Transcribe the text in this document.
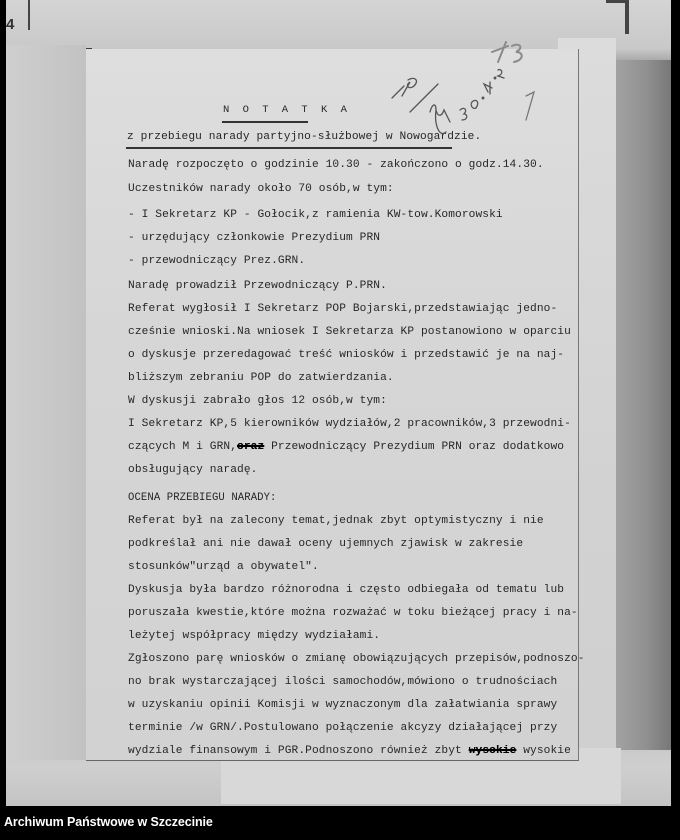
4
N O T A T K A
z przebiegu narady partyjno-służbowej w Nowogardzie.
Naradę rozpoczęto o godzinie 10.30 - zakończono o godz.14.30.
Uczestników narady około 70 osób,w tym:
- I Sekretarz KP - Gołocik,z ramienia KW-tow.Komorowski
- urzędujący członkowie Prezydium PRN
- przewodniczący Prez.GRN.
Naradę prowadził Przewodniczący P.PRN.
Referat wygłosił I Sekretarz POP Bojarski,przedstawiając jedno-
cześnie wnioski.Na wniosek I Sekretarza KP postanowiono w oparciu
o dyskusje przeredagować treść wniosków i przedstawić je na naj-
bliższym zebraniu POP do zatwierdzania.
W dyskusji zabrało głos 12 osób,w tym:
I Sekretarz KP,5 kierowników wydziałów,2 pracowników,3 przewodni-
czących M i GRN,oraz Przewodniczący Prezydium PRN oraz dodatkowo
obsługujący naradę.
OCENA PRZEBIEGU NARADY:
Referat był na zalecony temat,jednak zbyt optymistyczny i nie
podkreślał ani nie dawał oceny ujemnych zjawisk w zakresie
stosunków"urząd a obywatel".
Dyskusja była bardzo różnorodna i często odbiegała od tematu lub
poruszała kwestie,które można rozważać w toku bieżącej pracy i na-
leżytej współpracy między wydziałami.
Zgłoszono parę wniosków o zmianę obowiązujących przepisów,podnoszo-
no brak wystarczającej ilości samochodów,mówiono o trudnościach
w uzyskaniu opinii Komisji w wyznaczonym dla załatwiania sprawy
terminie /w GRN/.Postulowano połączenie akcyzy działającej przy
wydziale finansowym i PGR.Podnoszono również zbyt wysokie wysokie
Archiwum Państwowe w Szczecinie
